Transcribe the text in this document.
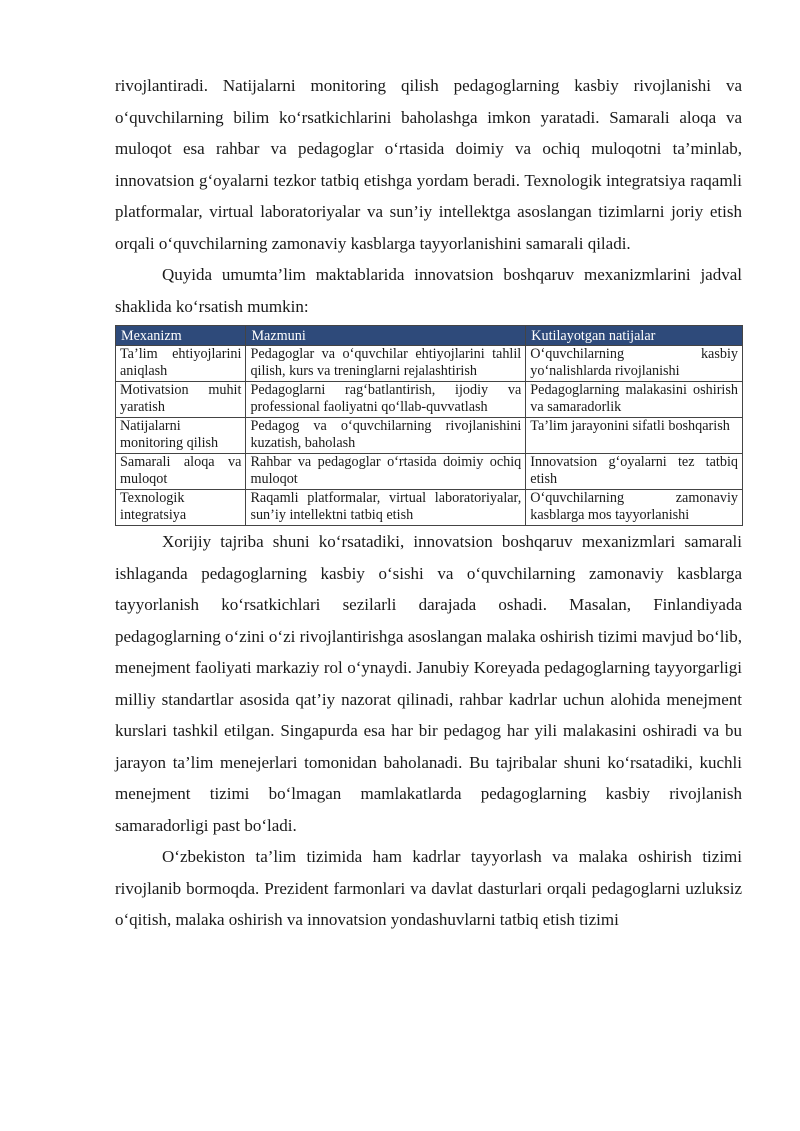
rivojlantiradi. Natijalarni monitoring qilish pedagoglarning kasbiy rivojlanishi va o‘quvchilarning bilim ko‘rsatkichlarini baholashga imkon yaratadi. Samarali aloqa va muloqot esa rahbar va pedagoglar o‘rtasida doimiy va ochiq muloqotni ta’minlab, innovatsion g‘oyalarni tezkor tatbiq etishga yordam beradi. Texnologik integratsiya raqamli platformalar, virtual laboratoriyalar va sun’iy intellektga asoslangan tizimlarni joriy etish orqali o‘quvchilarning zamonaviy kasblarga tayyorlanishini samarali qiladi.

Quyida umumta’lim maktablarida innovatsion boshqaruv mexanizmlarini jadval shaklida ko‘rsatish mumkin:

Mexanizm	Mazmuni	Kutilayotgan natijalar
Ta’lim ehtiyojlarini aniqlash	Pedagoglar va o‘quvchilar ehtiyojlarini tahlil qilish, kurs va treninglarni rejalashtirish	O‘quvchilarning kasbiy yo‘nalishlarda rivojlanishi
Motivatsion muhit yaratish	Pedagoglarni rag‘batlantirish, ijodiy va professional faoliyatni qo‘llab-quvvatlash	Pedagoglarning malakasini oshirish va samaradorlik
Natijalarni monitoring qilish	Pedagog va o‘quvchilarning rivojlanishini kuzatish, baholash	Ta’lim jarayonini sifatli boshqarish
Samarali aloqa va muloqot	Rahbar va pedagoglar o‘rtasida doimiy ochiq muloqot	Innovatsion g‘oyalarni tez tatbiq etish
Texnologik integratsiya	Raqamli platformalar, virtual laboratoriyalar, sun’iy intellektni tatbiq etish	O‘quvchilarning zamonaviy kasblarga mos tayyorlanishi

Xorijiy tajriba shuni ko‘rsatadiki, innovatsion boshqaruv mexanizmlari samarali ishlaganda pedagoglarning kasbiy o‘sishi va o‘quvchilarning zamonaviy kasblarga tayyorlanish ko‘rsatkichlari sezilarli darajada oshadi. Masalan, Finlandiyada pedagoglarning o‘zini o‘zi rivojlantirishga asoslangan malaka oshirish tizimi mavjud bo‘lib, menejment faoliyati markaziy rol o‘ynaydi. Janubiy Koreyada pedagoglarning tayyorgarligi milliy standartlar asosida qat’iy nazorat qilinadi, rahbar kadrlar uchun alohida menejment kurslari tashkil etilgan. Singapurda esa har bir pedagog har yili malakasini oshiradi va bu jarayon ta’lim menejerlari tomonidan baholanadi. Bu tajribalar shuni ko‘rsatadiki, kuchli menejment tizimi bo‘lmagan mamlakatlarda pedagoglarning kasbiy rivojlanish samaradorligi past bo‘ladi.

O‘zbekiston ta’lim tizimida ham kadrlar tayyorlash va malaka oshirish tizimi rivojlanib bormoqda. Prezident farmonlari va davlat dasturlari orqali pedagoglarni uzluksiz o‘qitish, malaka oshirish va innovatsion yondashuvlarni tatbiq etish tizimi
